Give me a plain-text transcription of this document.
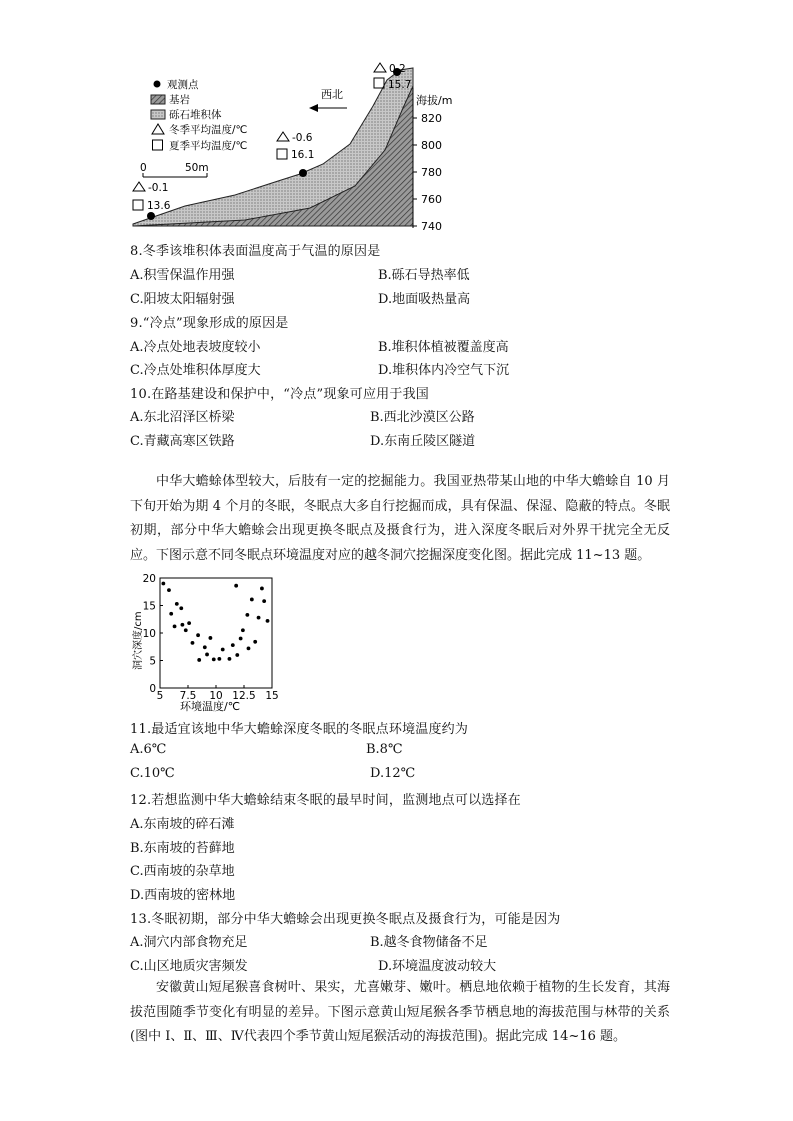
海拔/m
820
800
780
760
740
观测点
基岩
砾石堆积体
冬季平均温度/℃
夏季平均温度/℃
0	50m
西北
-0.1
13.6
-0.6
16.1
0.2
15.7
8.冬季该堆积体表面温度高于气温的原因是
A.积雪保温作用强	B.砾石导热率低
C.阳坡太阳辐射强	D.地面吸热量高
9.“冷点”现象形成的原因是
A.冷点处地表坡度较小	B.堆积体植被覆盖度高
C.冷点处堆积体厚度大	D.堆积体内冷空气下沉
10.在路基建设和保护中，“冷点”现象可应用于我国
A.东北沼泽区桥梁	B.西北沙漠区公路
C.青藏高寒区铁路	D.东南丘陵区隧道

中华大蟾蜍体型较大，后肢有一定的挖掘能力。我国亚热带某山地的中华大蟾蜍自 10 月下旬开始为期 4 个月的冬眠，冬眠点大多自行挖掘而成，具有保温、保湿、隐蔽的特点。冬眠初期，部分中华大蟾蜍会出现更换冬眠点及摄食行为，进入深度冬眠后对外界干扰完全无反应。下图示意不同冬眠点环境温度对应的越冬洞穴挖掘深度变化图。据此完成 11~13 题。

洞穴深度/cm
环境温度/℃
0
5
10
15
20
5 7.5 10 12.5 15
11.最适宜该地中华大蟾蜍深度冬眠的冬眠点环境温度约为
A.6℃	B.8℃
C.10℃	D.12℃
12.若想监测中华大蟾蜍结束冬眠的最早时间，监测地点可以选择在
A.东南坡的碎石滩
B.东南坡的苔藓地
C.西南坡的杂草地
D.西南坡的密林地
13.冬眠初期，部分中华大蟾蜍会出现更换冬眠点及摄食行为，可能是因为
A.洞穴内部食物充足	B.越冬食物储备不足
C.山区地质灾害频发	D.环境温度波动较大

安徽黄山短尾猴喜食树叶、果实，尤喜嫩芽、嫩叶。栖息地依赖于植物的生长发育，其海拔范围随季节变化有明显的差异。下图示意黄山短尾猴各季节栖息地的海拔范围与林带的关系(图中 Ⅰ、Ⅱ、Ⅲ、Ⅳ代表四个季节黄山短尾猴活动的海拔范围)。据此完成 14~16 题。
